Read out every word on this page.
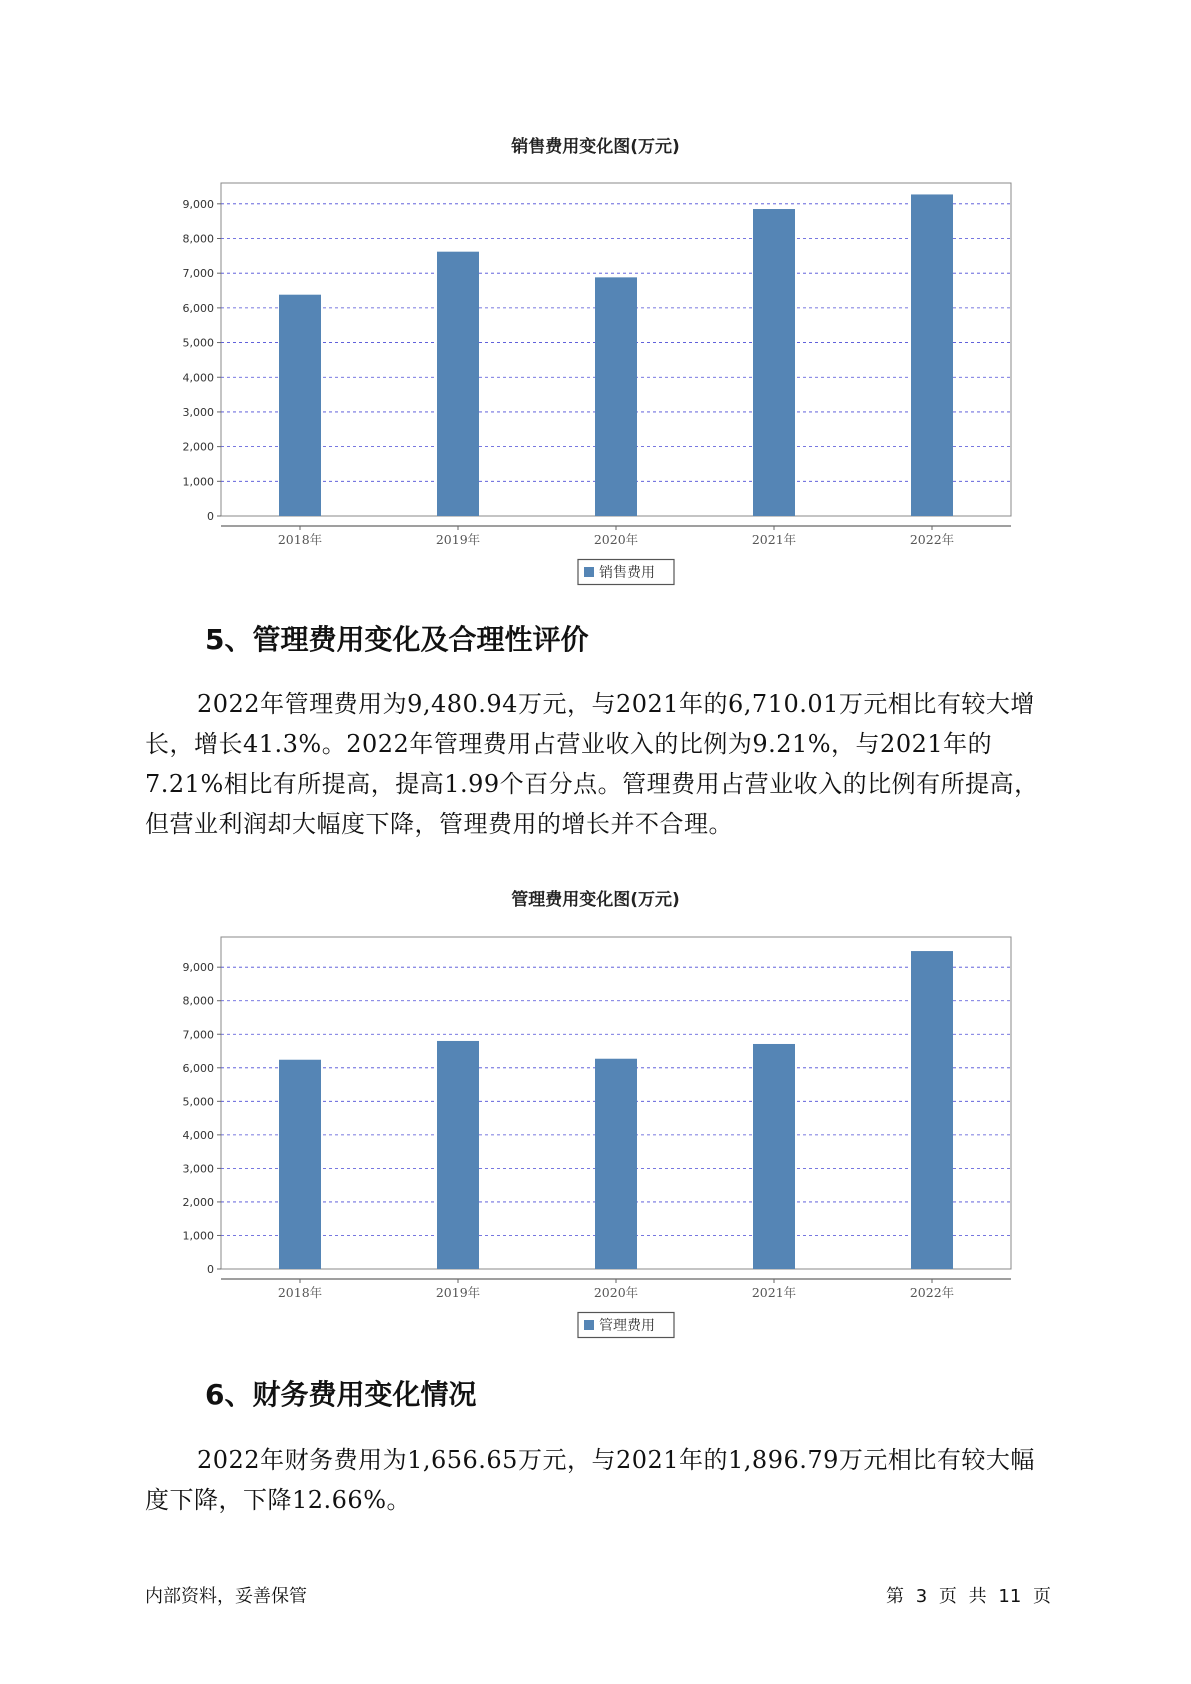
销售费用变化图(万元)
0
1,000
2,000
3,000
4,000
5,000
6,000
7,000
8,000
9,000
2018年	2019年	2020年	2021年	2022年
销售费用
5、管理费用变化及合理性评价

2022年管理费用为9,480.94万元，与2021年的6,710.01万元相比有较大增长，增长41.3%。2022年管理费用占营业收入的比例为9.21%，与2021年的7.21%相比有所提高，提高1.99个百分点。管理费用占营业收入的比例有所提高，但营业利润却大幅度下降，管理费用的增长并不合理。

管理费用变化图(万元)
0
1,000
2,000
3,000
4,000
5,000
6,000
7,000
8,000
9,000
2018年	2019年	2020年	2021年	2022年
管理费用
6、财务费用变化情况

2022年财务费用为1,656.65万元，与2021年的1,896.79万元相比有较大幅度下降，下降12.66%。

内部资料，妥善保管	第 3 页 共 11 页
